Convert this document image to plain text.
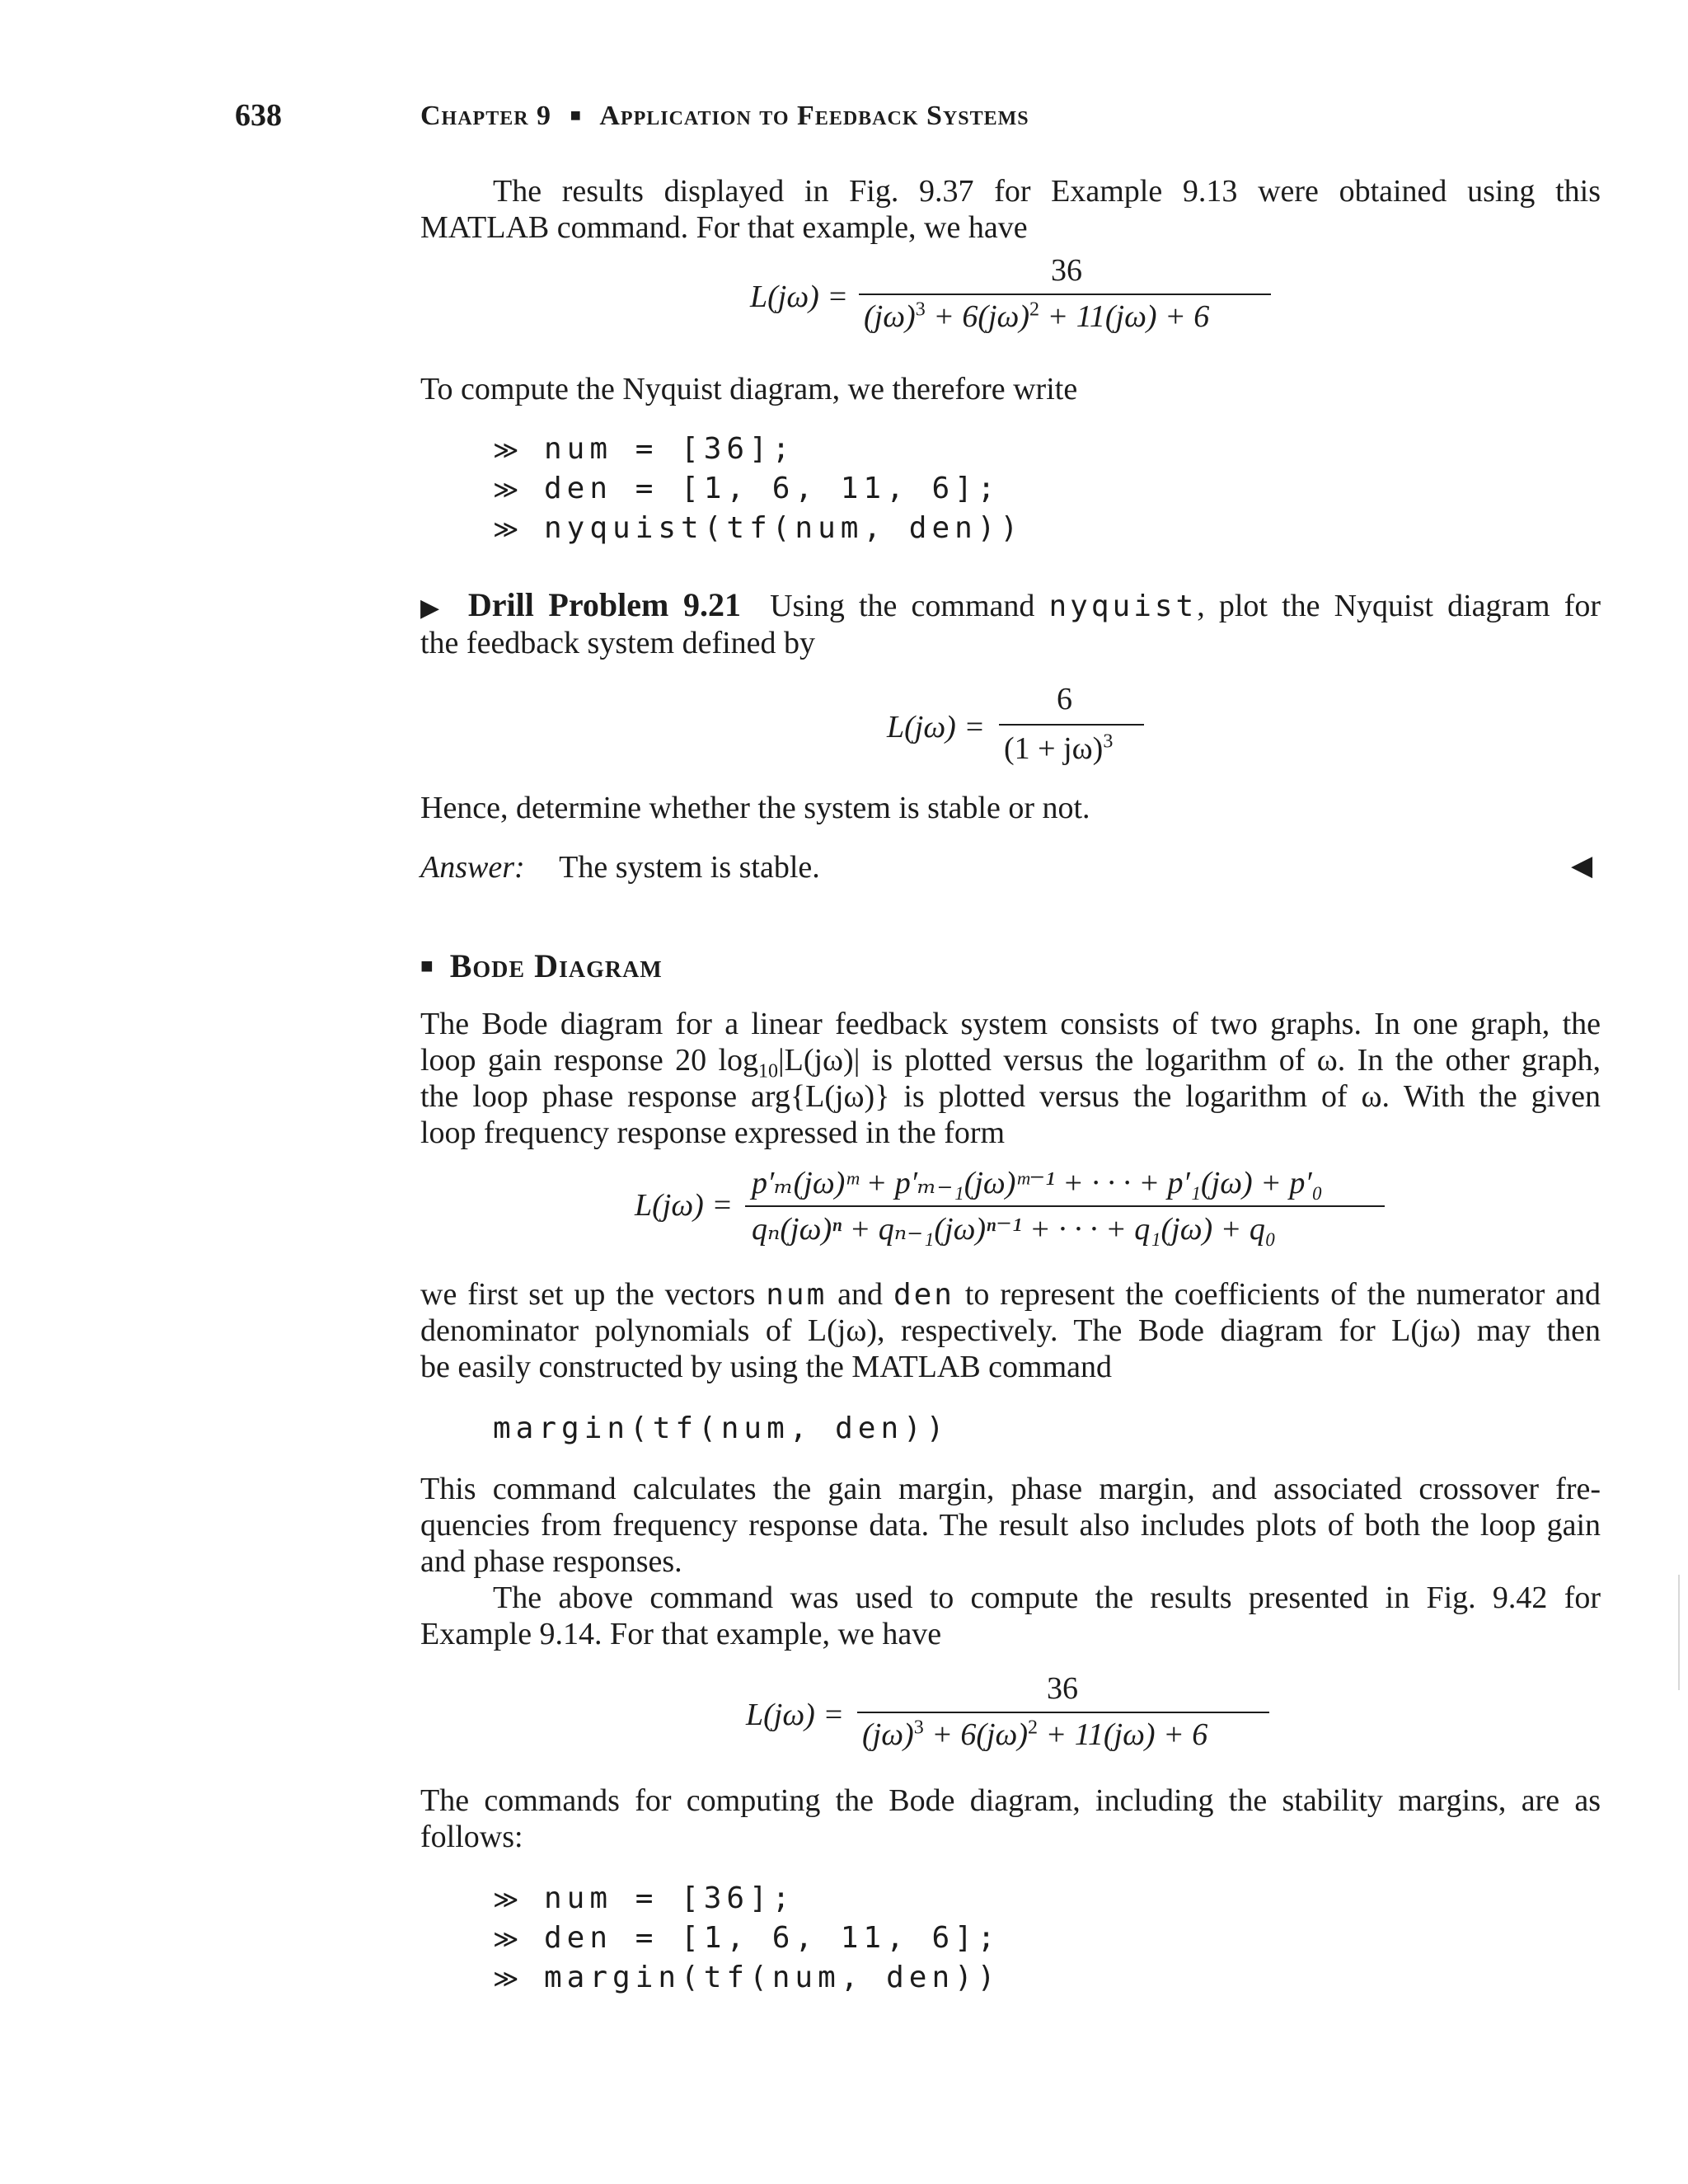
638	Chapter 9 ■ Application to Feedback Systems
The results displayed in Fig. 9.37 for Example 9.13 were obtained using this
MATLAB command. For that example, we have
L(jω) =
36
$(j\omega)^3 + 6(j\omega)^2 + 11(j\omega) + 6$
To compute the Nyquist diagram, we therefore write
≫ num = [36];
≫ den = [1, 6, 11, 6];
≫ nyquist(tf(num, den))
▶ Drill Problem 9.21 Using the command nyquist, plot the Nyquist diagram for
the feedback system defined by
L(jω) =
6
$(1 + j\omega)^3$
Hence, determine whether the system is stable or not.
Answer: The system is stable.	◀
■ Bode Diagram
The Bode diagram for a linear feedback system consists of two graphs. In one graph, the
loop gain response 20 $\log_{10}|L(j\omega)|$ is plotted versus the logarithm of ω. In the other graph,
the loop phase response arg{L(jω)} is plotted versus the logarithm of ω. With the given
loop frequency response expressed in the form
L(jω) =
p′ₘ(jω)ᵐ + p′ₘ₋₁(jω)ᵐ⁻¹ + · · · + p′₁(jω) + p′₀
qₙ(jω)ⁿ + qₙ₋₁(jω)ⁿ⁻¹ + · · · + q₁(jω) + q₀
we first set up the vectors num and den to represent the coefficients of the numerator and
denominator polynomials of L(jω), respectively. The Bode diagram for L(jω) may then
be easily constructed by using the MATLAB command
margin(tf(num, den))
This command calculates the gain margin, phase margin, and associated crossover fre-
quencies from frequency response data. The result also includes plots of both the loop gain
and phase responses.
The above command was used to compute the results presented in Fig. 9.42 for
Example 9.14. For that example, we have
L(jω) =
36
$(j\omega)^3 + 6(j\omega)^2 + 11(j\omega) + 6$
The commands for computing the Bode diagram, including the stability margins, are as
follows:
≫ num = [36];
≫ den = [1, 6, 11, 6];
≫ margin(tf(num, den))
